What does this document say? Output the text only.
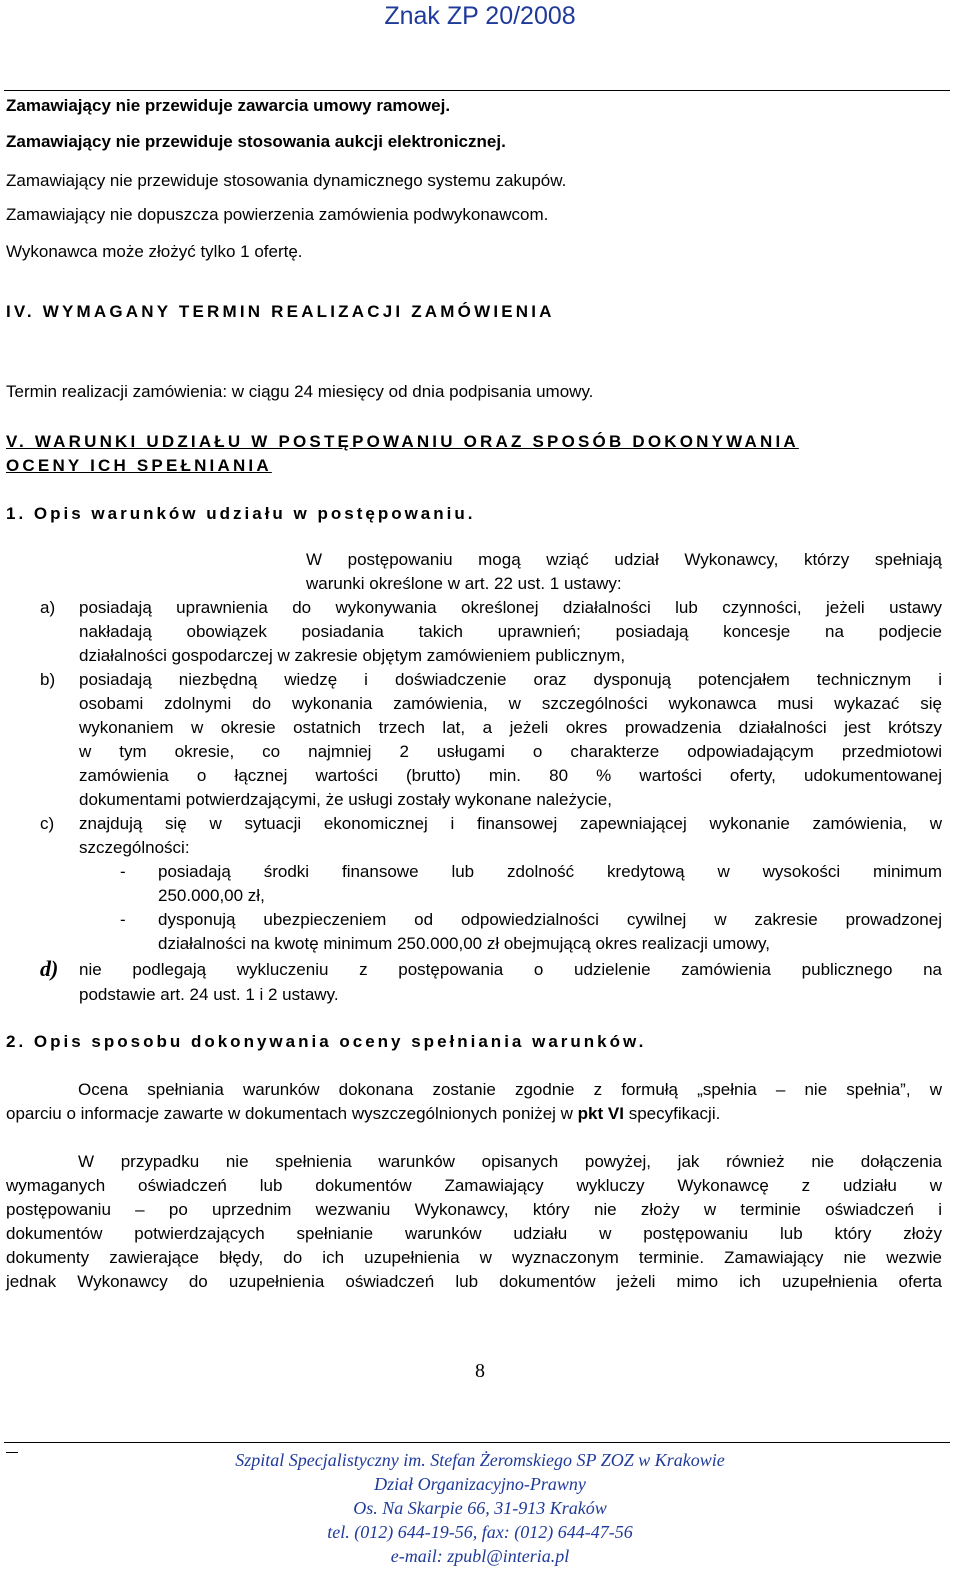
Znak ZP 20/2008
Zamawiający nie przewiduje zawarcia umowy ramowej.
Zamawiający nie przewiduje stosowania aukcji elektronicznej.
Zamawiający nie przewiduje stosowania dynamicznego systemu zakupów.
Zamawiający nie dopuszcza powierzenia zamówienia podwykonawcom.
Wykonawca może złożyć tylko 1 ofertę.
IV. WYMAGANY TERMIN REALIZACJI ZAMÓWIENIA
Termin realizacji zamówienia: w ciągu 24 miesięcy od dnia podpisania umowy.
V. WARUNKI UDZIAŁU W POSTĘPOWANIU ORAZ SPOSÓB DOKONYWANIA
OCENY ICH SPEŁNIANIA
1. Opis warunków udziału w postępowaniu.
W postępowaniu mogą wziąć udział Wykonawcy, którzy spełniają
warunki określone w art. 22 ust. 1 ustawy:
a) posiadają uprawnienia do wykonywania określonej działalności lub czynności, jeżeli ustawy
nakładają obowiązek posiadania takich uprawnień; posiadają koncesje na podjecie
działalności gospodarczej w zakresie objętym zamówieniem publicznym,
b) posiadają niezbędną wiedzę i doświadczenie oraz dysponują potencjałem technicznym i
osobami zdolnymi do wykonania zamówienia, w szczególności wykonawca musi wykazać się
wykonaniem w okresie ostatnich trzech lat, a jeżeli okres prowadzenia działalności jest krótszy
w tym okresie, co najmniej 2 usługami o charakterze odpowiadającym przedmiotowi
zamówienia o łącznej wartości (brutto) min. 80 % wartości oferty, udokumentowanej
dokumentami potwierdzającymi, że usługi zostały wykonane należycie,
c) znajdują się w sytuacji ekonomicznej i finansowej zapewniającej wykonanie zamówienia, w
szczególności:
- posiadają środki finansowe lub zdolność kredytową w wysokości minimum
250.000,00 zł,
- dysponują ubezpieczeniem od odpowiedzialności cywilnej w zakresie prowadzonej
działalności na kwotę minimum 250.000,00 zł obejmującą okres realizacji umowy,
d) nie podlegają wykluczeniu z postępowania o udzielenie zamówienia publicznego na
podstawie art. 24 ust. 1 i 2 ustawy.
2. Opis sposobu dokonywania oceny spełniania warunków.
Ocena spełniania warunków dokonana zostanie zgodnie z formułą „spełnia – nie spełnia”, w
oparciu o informacje zawarte w dokumentach wyszczególnionych poniżej w pkt VI specyfikacji.
W przypadku nie spełnienia warunków opisanych powyżej, jak również nie dołączenia
wymaganych oświadczeń lub dokumentów Zamawiający wykluczy Wykonawcę z udziału w
postępowaniu – po uprzednim wezwaniu Wykonawcy, który nie złoży w terminie oświadczeń i
dokumentów potwierdzających spełnianie warunków udziału w postępowaniu lub który złoży
dokumenty zawierające błędy, do ich uzupełnienia w wyznaczonym terminie. Zamawiający nie wezwie
jednak Wykonawcy do uzupełnienia oświadczeń lub dokumentów jeżeli mimo ich uzupełnienia oferta
8
Szpital Specjalistyczny im. Stefan Żeromskiego SP ZOZ w Krakowie
Dział Organizacyjno-Prawny
Os. Na Skarpie 66, 31-913 Kraków
tel. (012) 644-19-56, fax: (012) 644-47-56
e-mail: zpubl@interia.pl
